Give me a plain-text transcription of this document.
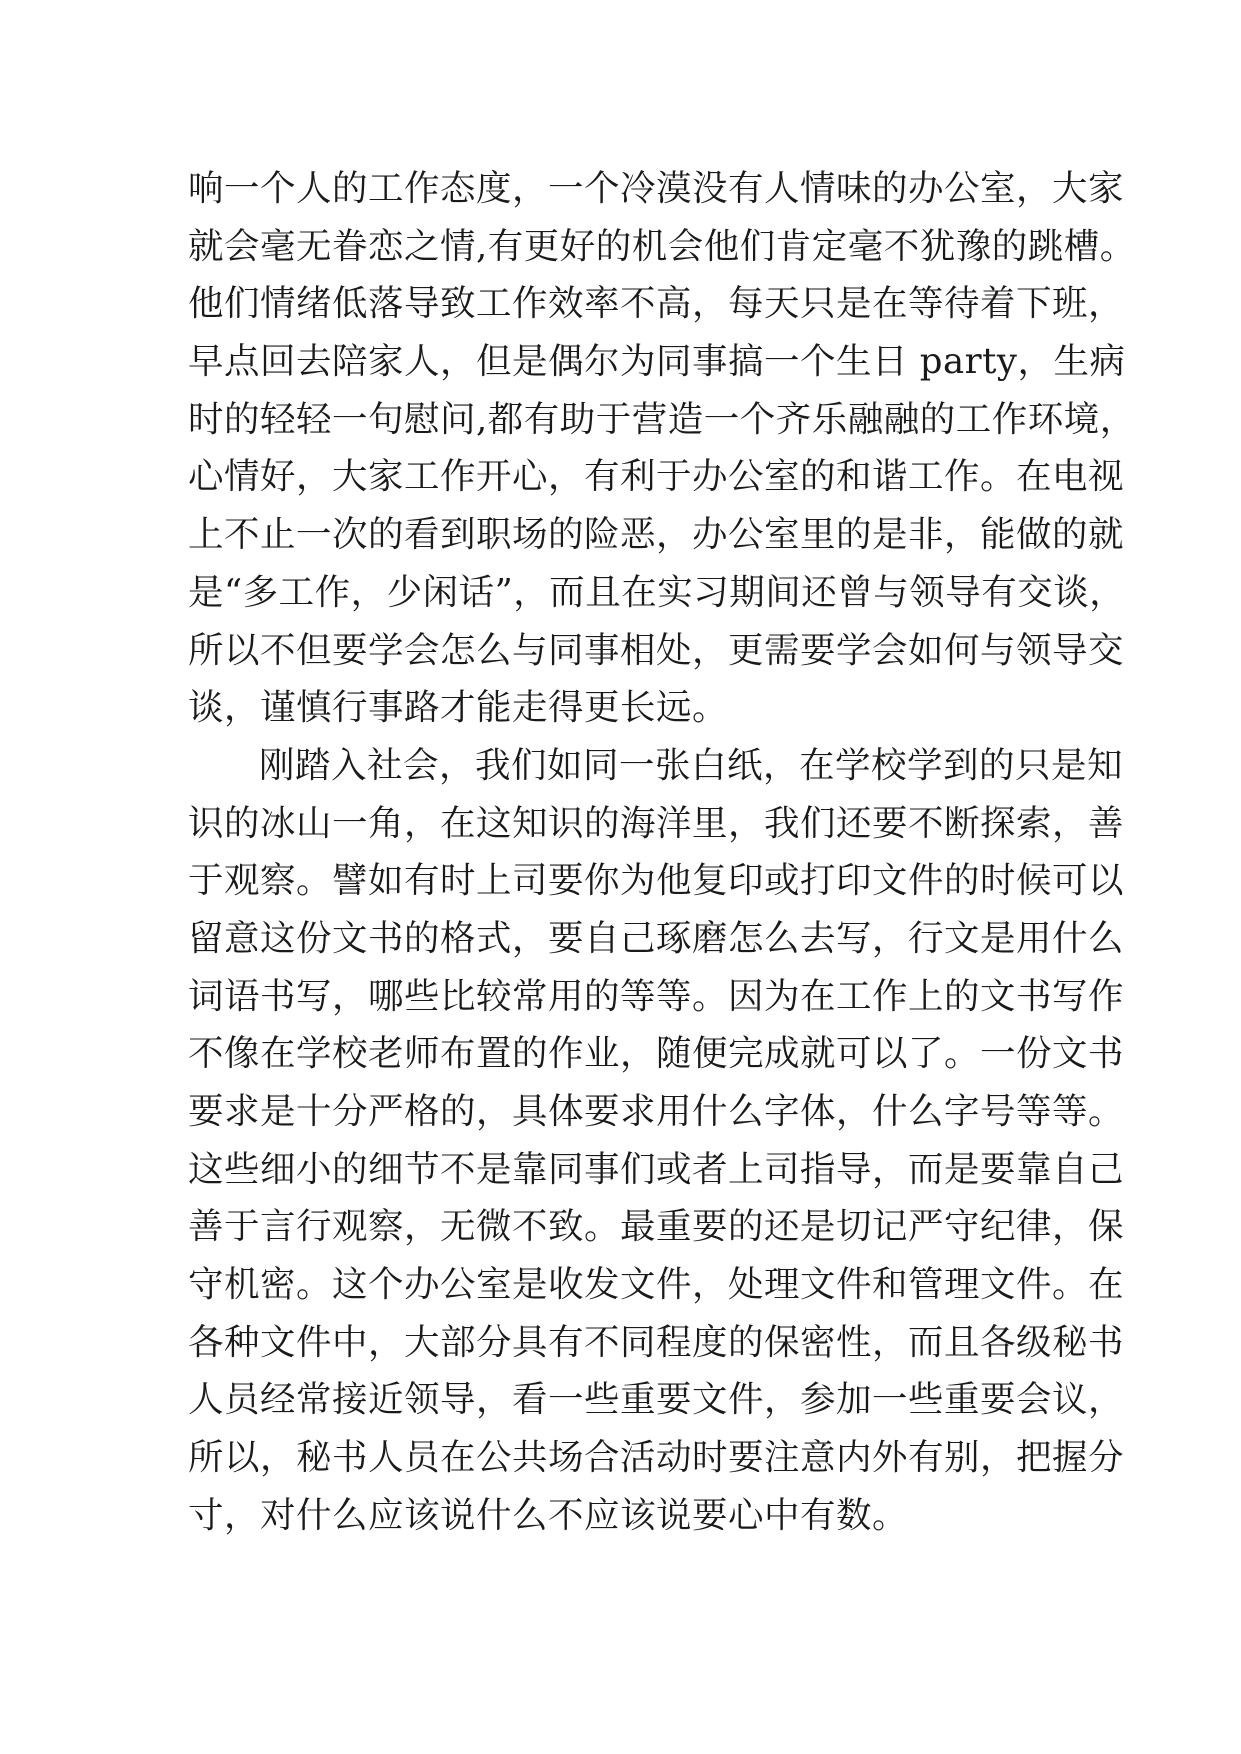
响一个人的工作态度，一个冷漠没有人情味的办公室，大家
就会毫无眷恋之情,有更好的机会他们肯定毫不犹豫的跳槽。
他们情绪低落导致工作效率不高，每天只是在等待着下班，
早点回去陪家人，但是偶尔为同事搞一个生日 party，生病
时的轻轻一句慰问,都有助于营造一个齐乐融融的工作环境，
心情好，大家工作开心，有利于办公室的和谐工作。在电视
上不止一次的看到职场的险恶，办公室里的是非，能做的就
是“多工作，少闲话”，而且在实习期间还曾与领导有交谈，
所以不但要学会怎么与同事相处，更需要学会如何与领导交
谈，谨慎行事路才能走得更长远。
刚踏入社会，我们如同一张白纸，在学校学到的只是知
识的冰山一角，在这知识的海洋里，我们还要不断探索，善
于观察。譬如有时上司要你为他复印或打印文件的时候可以
留意这份文书的格式，要自己琢磨怎么去写，行文是用什么
词语书写，哪些比较常用的等等。因为在工作上的文书写作
不像在学校老师布置的作业，随便完成就可以了。一份文书
要求是十分严格的，具体要求用什么字体，什么字号等等。
这些细小的细节不是靠同事们或者上司指导，而是要靠自己
善于言行观察，无微不致。最重要的还是切记严守纪律，保
守机密。这个办公室是收发文件，处理文件和管理文件。在
各种文件中，大部分具有不同程度的保密性，而且各级秘书
人员经常接近领导，看一些重要文件，参加一些重要会议，
所以，秘书人员在公共场合活动时要注意内外有别，把握分
寸，对什么应该说什么不应该说要心中有数。
